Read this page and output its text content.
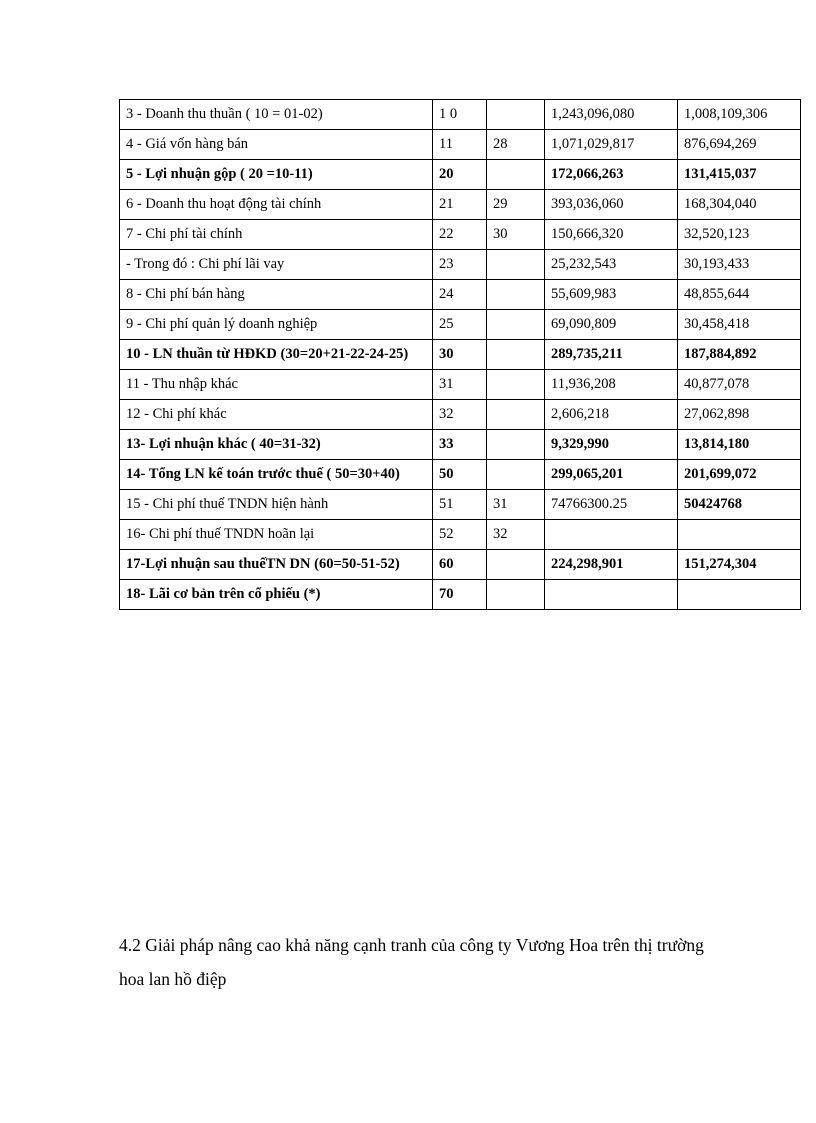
3 - Doanh thu thuần ( 10 = 01-02)	1 0		1,243,096,080	1,008,109,306
4 - Giá vốn hàng bán	11	28	1,071,029,817	876,694,269
5 - Lợi nhuận gộp ( 20 =10-11)	20		172,066,263	131,415,037
6 - Doanh thu hoạt động tài chính	21	29	393,036,060	168,304,040
7 - Chi phí tài chính	22	30	150,666,320	32,520,123
- Trong đó : Chi phí lãi vay	23		25,232,543	30,193,433
8 - Chi phí bán hàng	24		55,609,983	48,855,644
9 - Chi phí quản lý doanh nghiệp	25		69,090,809	30,458,418
10 - LN thuần từ HĐKD (30=20+21-22-24-25)	30		289,735,211	187,884,892
11 - Thu nhập khác	31		11,936,208	40,877,078
12 - Chi phí khác	32		2,606,218	27,062,898
13- Lợi nhuận khác ( 40=31-32)	33		9,329,990	13,814,180
14- Tổng LN kế toán trước thuế ( 50=30+40)	50		299,065,201	201,699,072
15 - Chi phí thuế TNDN hiện hành	51	31	74766300.25	50424768
16- Chi phí thuế TNDN hoãn lại	52	32		
17-Lợi nhuận sau thuếTN DN (60=50-51-52)	60		224,298,901	151,274,304
18- Lãi cơ bản trên cổ phiếu (*)	70			
4.2 Giải pháp nâng cao khả năng cạnh tranh của công ty Vương Hoa trên thị trường hoa lan hồ điệp
